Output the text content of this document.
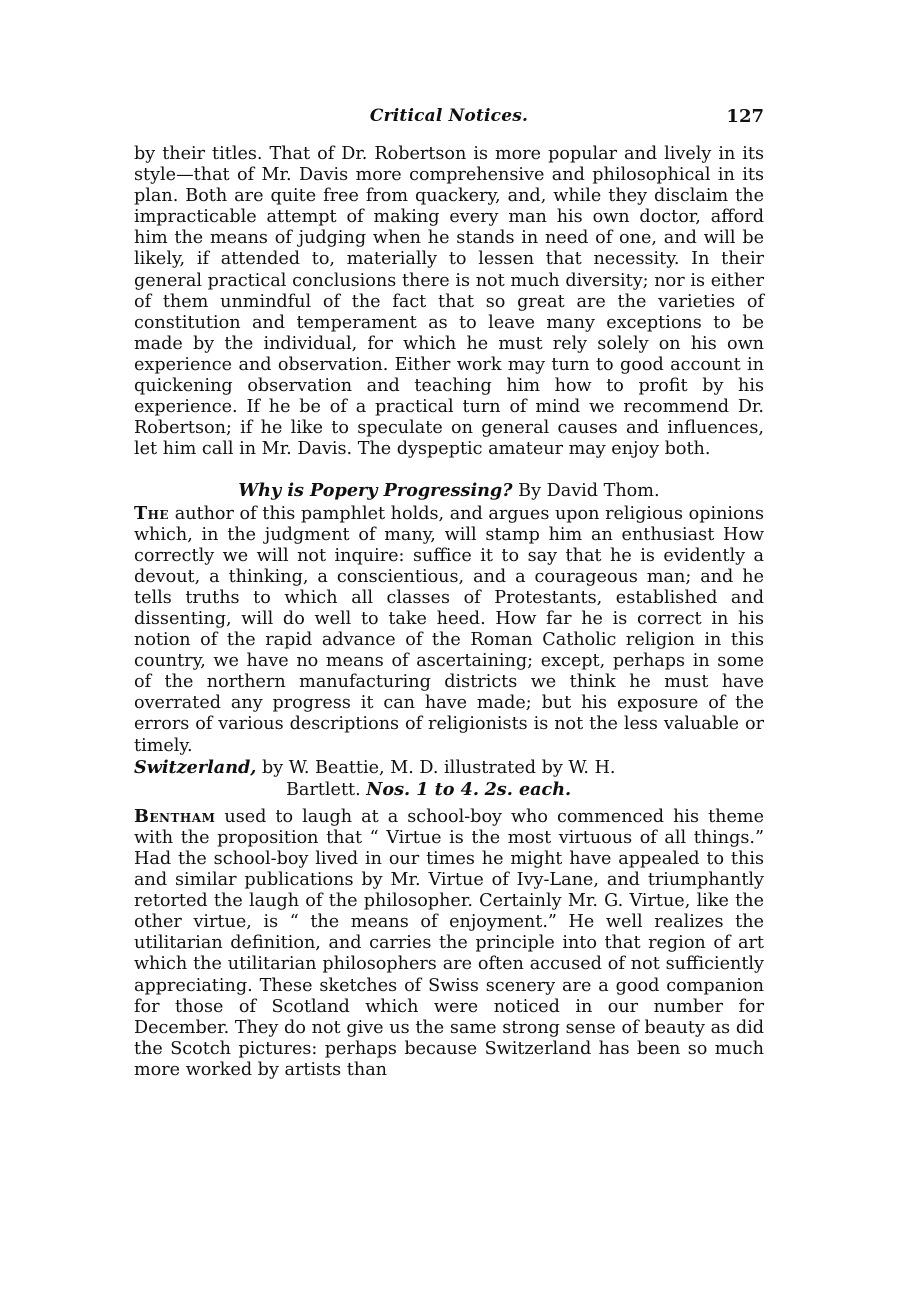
Critical Notices.	127

by their titles. That of Dr. Robertson is more popular and lively in its style—that of Mr. Davis more comprehensive and philosophical in its plan. Both are quite free from quackery, and, while they disclaim the impracticable attempt of making every man his own doctor, afford him the means of judging when he stands in need of one, and will be likely, if attended to, materially to lessen that necessity. In their general practical conclusions there is not much diversity; nor is either of them unmindful of the fact that so great are the varieties of constitution and temperament as to leave many exceptions to be made by the individual, for which he must rely solely on his own experience and observation. Either work may turn to good account in quickening observation and teaching him how to profit by his experience. If he be of a practical turn of mind we recommend Dr. Robertson; if he like to speculate on general causes and influences, let him call in Mr. Davis. The dyspeptic amateur may enjoy both.

Why is Popery Progressing? By David Thom.

The author of this pamphlet holds, and argues upon religious opinions which, in the judgment of many, will stamp him an enthusiast How correctly we will not inquire: suffice it to say that he is evidently a devout, a thinking, a conscientious, and a courageous man; and he tells truths to which all classes of Protestants, established and dissenting, will do well to take heed. How far he is correct in his notion of the rapid advance of the Roman Catholic religion in this country, we have no means of ascertaining; except, perhaps in some of the northern manufacturing districts we think he must have overrated any progress it can have made; but his exposure of the errors of various descriptions of religionists is not the less valuable or timely.

Switzerland, by W. Beattie, M. D. illustrated by W. H.
Bartlett. Nos. 1 to 4. 2s. each.

Bentham used to laugh at a school-boy who commenced his theme with the proposition that “ Virtue is the most virtuous of all things.” Had the school-boy lived in our times he might have appealed to this and similar publications by Mr. Virtue of Ivy-Lane, and triumphantly retorted the laugh of the philosopher. Certainly Mr. G. Virtue, like the other virtue, is “ the means of enjoyment.” He well realizes the utilitarian definition, and carries the principle into that region of art which the utilitarian philosophers are often accused of not sufficiently appreciating. These sketches of Swiss scenery are a good companion for those of Scotland which were noticed in our number for December. They do not give us the same strong sense of beauty as did the Scotch pictures: perhaps because Switzerland has been so much more worked by artists than
